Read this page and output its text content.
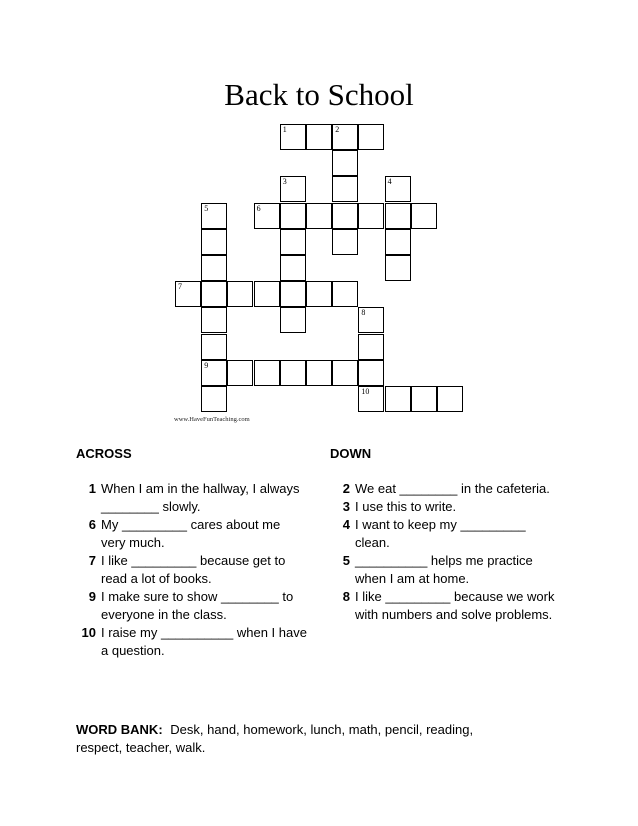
Back to School
1	2
3	4
5	6
7
8
9
10
www.HaveFunTeaching.com
ACROSS	DOWN
1 When I am in the hallway, I always ________ slowly.
6 My _________ cares about me very much.
7 I like _________ because get to read a lot of books.
9 I make sure to show ________ to everyone in the class.
10 I raise my __________ when I have a question.
2 We eat ________ in the cafeteria.
3 I use this to write.
4 I want to keep my _________ clean.
5 __________ helps me practice when I am at home.
8 I like _________ because we work with numbers and solve problems.
WORD BANK: Desk, hand, homework, lunch, math, pencil, reading, respect, teacher, walk.
